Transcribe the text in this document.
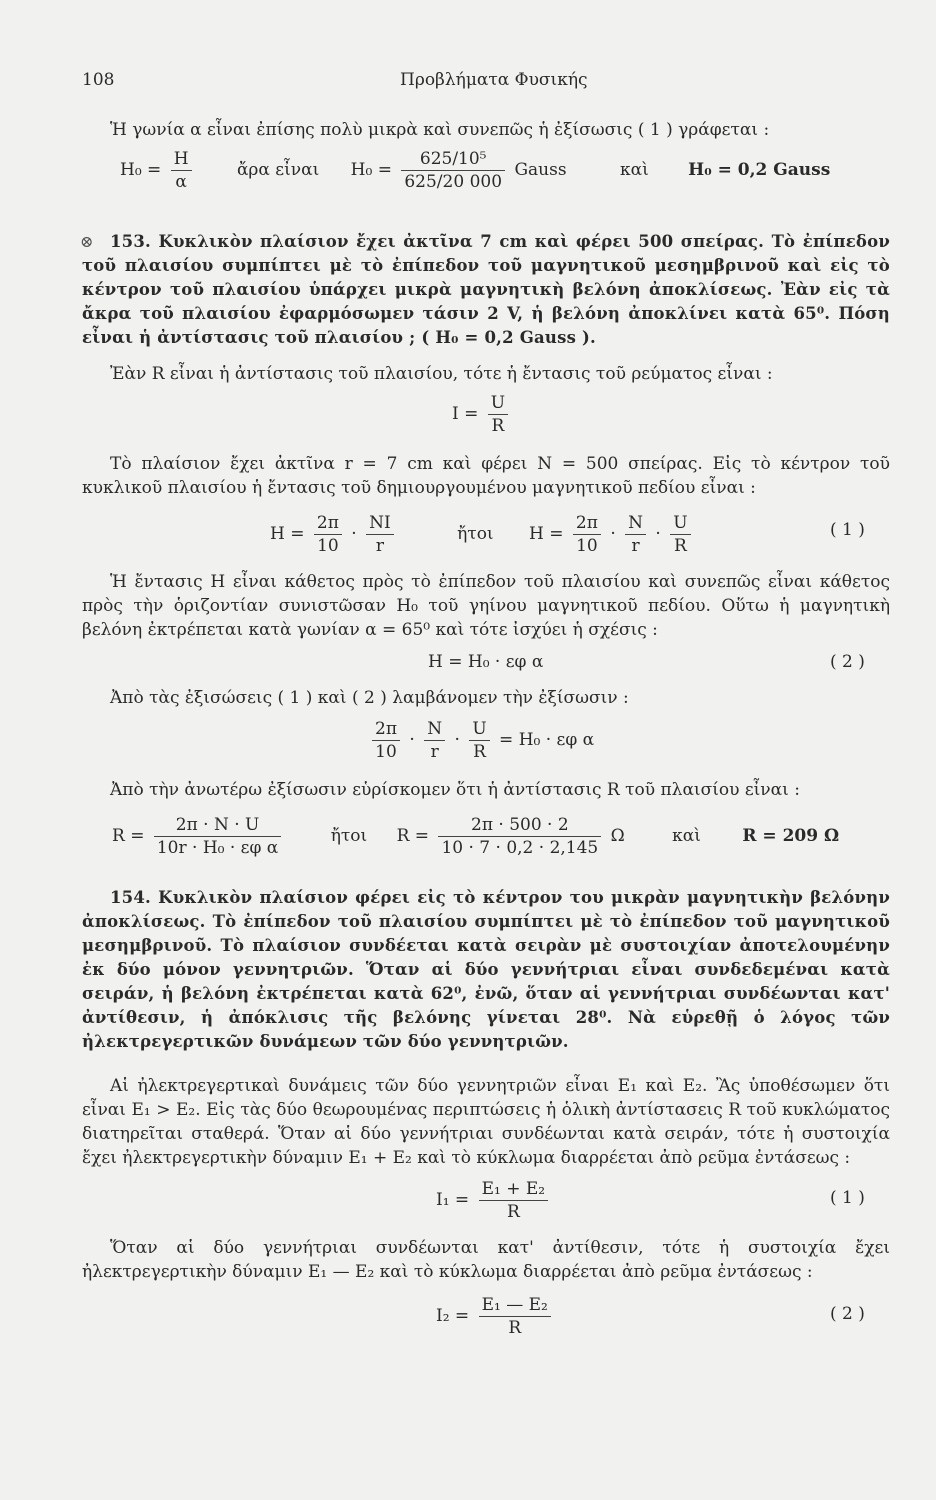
108	Προβλήματα Φυσικής

Ἡ γωνία α εἶναι ἐπίσης πολὺ μικρὰ καὶ συνεπῶς ἡ ἐξίσωσις ( 1 ) γράφεται :

$H_0 = \frac{H}{\alpha}$	ἄρα εἶναι $H_0 = \frac{\text{625/10⁵}}{625/20 000}$ Gauss	καὶ H₀ = 0,2 Gauss
⊗	153. Κυκλικὸν πλαίσιον ἔχει ἀκτῖνα 7 cm καὶ φέρει 500 σπείρας. Τὸ ἐπίπεδον τοῦ πλαισίου συμπίπτει μὲ τὸ ἐπίπεδον τοῦ μαγνητικοῦ μεσημβρινοῦ καὶ εἰς τὸ κέντρον τοῦ πλαισίου ὑπάρχει μικρὰ μαγνητικὴ βελόνη ἀποκλίσεως. Ἐὰν εἰς τὰ ἄκρα τοῦ πλαισίου ἐφαρμόσωμεν τάσιν 2 V, ἡ βελόνη ἀποκλίνει κατὰ 65⁰. Πόση εἶναι ἡ ἀντίστασις τοῦ πλαισίου ; ( H₀ = 0,2 Gauss ).

Ἐὰν R εἶναι ἡ ἀντίστασις τοῦ πλαισίου, τότε ἡ ἔντασις τοῦ ρεύματος εἶναι :

$I = \frac{U}{R}$

Τὸ πλαίσιον ἔχει ἀκτῖνα r = 7 cm καὶ φέρει N = 500 σπείρας. Εἰς τὸ κέντρον τοῦ κυκλικοῦ πλαισίου ἡ ἔντασις τοῦ δημιουργουμένου μαγνητικοῦ πεδίου εἶναι :

$H = \frac{2\pi}{10} \cdot \frac{NI}{r}$	ἤτοι $H = \frac{2\pi}{10} \cdot \frac{N}{r} \cdot \frac{U}{R}$	( 1 )

Ἡ ἔντασις H εἶναι κάθετος πρὸς τὸ ἐπίπεδον τοῦ πλαισίου καὶ συνεπῶς εἶναι κάθετος πρὸς τὴν ὁριζοντίαν συνιστῶσαν H₀ τοῦ γηίνου μαγνητικοῦ πεδίου. Οὕτω ἡ μαγνητικὴ βελόνη ἐκτρέπεται κατὰ γωνίαν α = 65⁰ καὶ τότε ἰσχύει ἡ σχέσις :

H = H₀ · εφ α	( 2 )

Ἀπὸ τὰς ἐξισώσεις ( 1 ) καὶ ( 2 ) λαμβάνομεν τὴν ἐξίσωσιν :

$\frac{2\pi}{10} \cdot \frac{N}{r} \cdot \frac{U}{R} = H_0 \cdot \varepsilon\varphi$ α

Ἀπὸ τὴν ἀνωτέρω ἐξίσωσιν εὑρίσκομεν ὅτι ἡ ἀντίστασις R τοῦ πλαισίου εἶναι :

$R = \frac{2\pi \cdot N \cdot U}{\text{10r · H₀ · εφ α}}$	ἤτοι $R = \frac{2\pi \cdot 500 \cdot 2}{10 \cdot 7 \cdot 0,2 \cdot 2,145}$ Ω	καὶ R = 209 Ω

154. Κυκλικὸν πλαίσιον φέρει εἰς τὸ κέντρον του μικρὰν μαγνητικὴν βελόνην ἀποκλίσεως. Τὸ ἐπίπεδον τοῦ πλαισίου συμπίπτει μὲ τὸ ἐπίπεδον τοῦ μαγνητικοῦ μεσημβρινοῦ. Τὸ πλαίσιον συνδέεται κατὰ σειρὰν μὲ συστοιχίαν ἀποτελουμένην ἐκ δύο μόνον γεννητριῶν. Ὅταν αἱ δύο γεννήτριαι εἶναι συνδεδεμέναι κατὰ σειράν, ἡ βελόνη ἐκτρέπεται κατὰ 62⁰, ἐνῶ, ὅταν αἱ γεννήτριαι συνδέωνται κατ' ἀντίθεσιν, ἡ ἀπόκλισις τῆς βελόνης γίνεται 28⁰. Νὰ εὑρεθῇ ὁ λόγος τῶν ἠλεκτρεγερτικῶν δυνάμεων τῶν δύο γεννητριῶν.

Αἱ ἠλεκτρεγερτικαὶ δυνάμεις τῶν δύο γεννητριῶν εἶναι E₁ καὶ E₂. Ἂς ὑποθέσωμεν ὅτι εἶναι E₁ > E₂. Εἰς τὰς δύο θεωρουμένας περιπτώσεις ἡ ὁλικὴ ἀντίστασεις R τοῦ κυκλώματος διατηρεῖται σταθερά. Ὅταν αἱ δύο γεννήτριαι συνδέωνται κατὰ σειράν, τότε ἡ συστοιχία ἔχει ἠλεκτρεγερτικὴν δύναμιν E₁ + E₂ καὶ τὸ κύκλωμα διαρρέεται ἀπὸ ρεῦμα ἐντάσεως :

$I_1 = \frac{\text{E₁ + E₂}}{R}$	( 1 )

Ὅταν αἱ δύο γεννήτριαι συνδέωνται κατ' ἀντίθεσιν, τότε ἡ συστοιχία ἔχει ἠλεκτρεγερτικὴν δύναμιν E₁ — E₂ καὶ τὸ κύκλωμα διαρρέεται ἀπὸ ρεῦμα ἐντάσεως :

$I_2 = \frac{\text{E₁ — E₂}}{R}$	( 2 )
